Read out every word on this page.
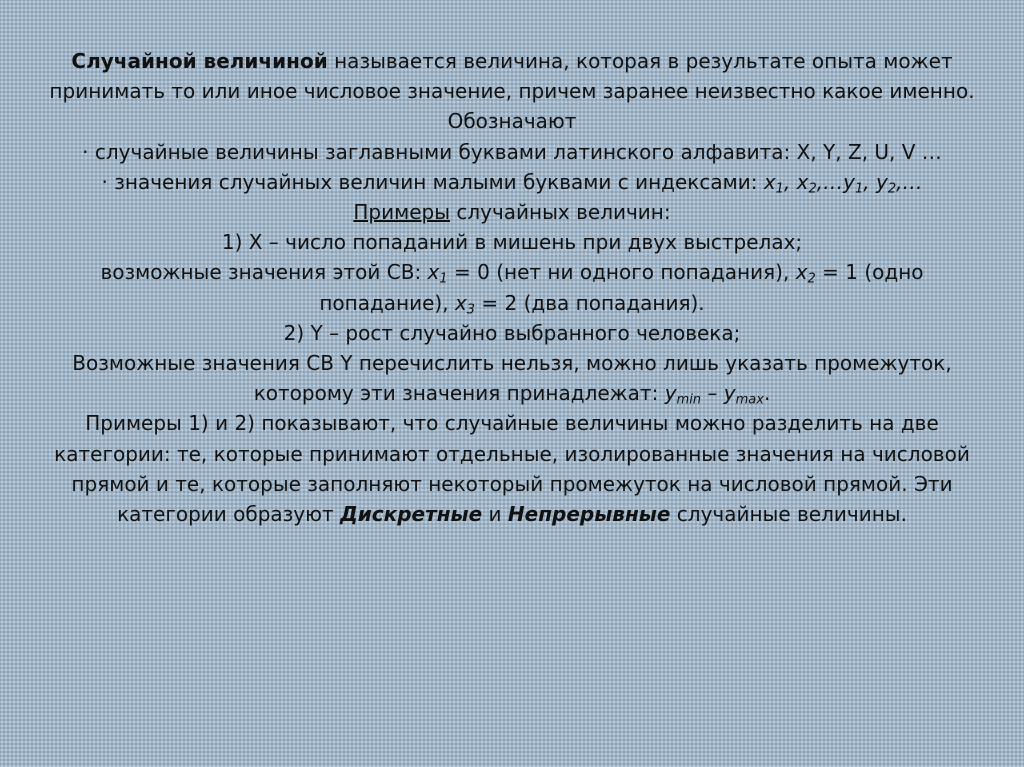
Случайной величиной называется величина, которая в результате опыта может принимать то или иное числовое значение, причем заранее неизвестно какое именно.

Обозначают

· случайные величины заглавными буквами латинского алфавита: X, Y, Z, U, V …

· значения случайных величин малыми буквами с индексами: $x_1$, $x_2,\dots y_1$, $y_2,\dots$

Примеры случайных величин:

1) X – число попаданий в мишень при двух выстрелах;

возможные значения этой СВ: $x_1 = 0$ (нет ни одного попадания), $x_2 = 1$ (одно попадание), $x_3 = 2$ (два попадания).

2) Y – рост случайно выбранного человека;

Возможные значения СВ Y перечислить нельзя, можно лишь указать промежуток, которому эти значения принадлежат: $y_{min} - y_{max}$.

Примеры 1) и 2) показывают, что случайные величины можно разделить на две категории: те, которые принимают отдельные, изолированные значения на числовой прямой и те, которые заполняют некоторый промежуток на числовой прямой. Эти категории образуют Дискретные и Непрерывные случайные величины.
